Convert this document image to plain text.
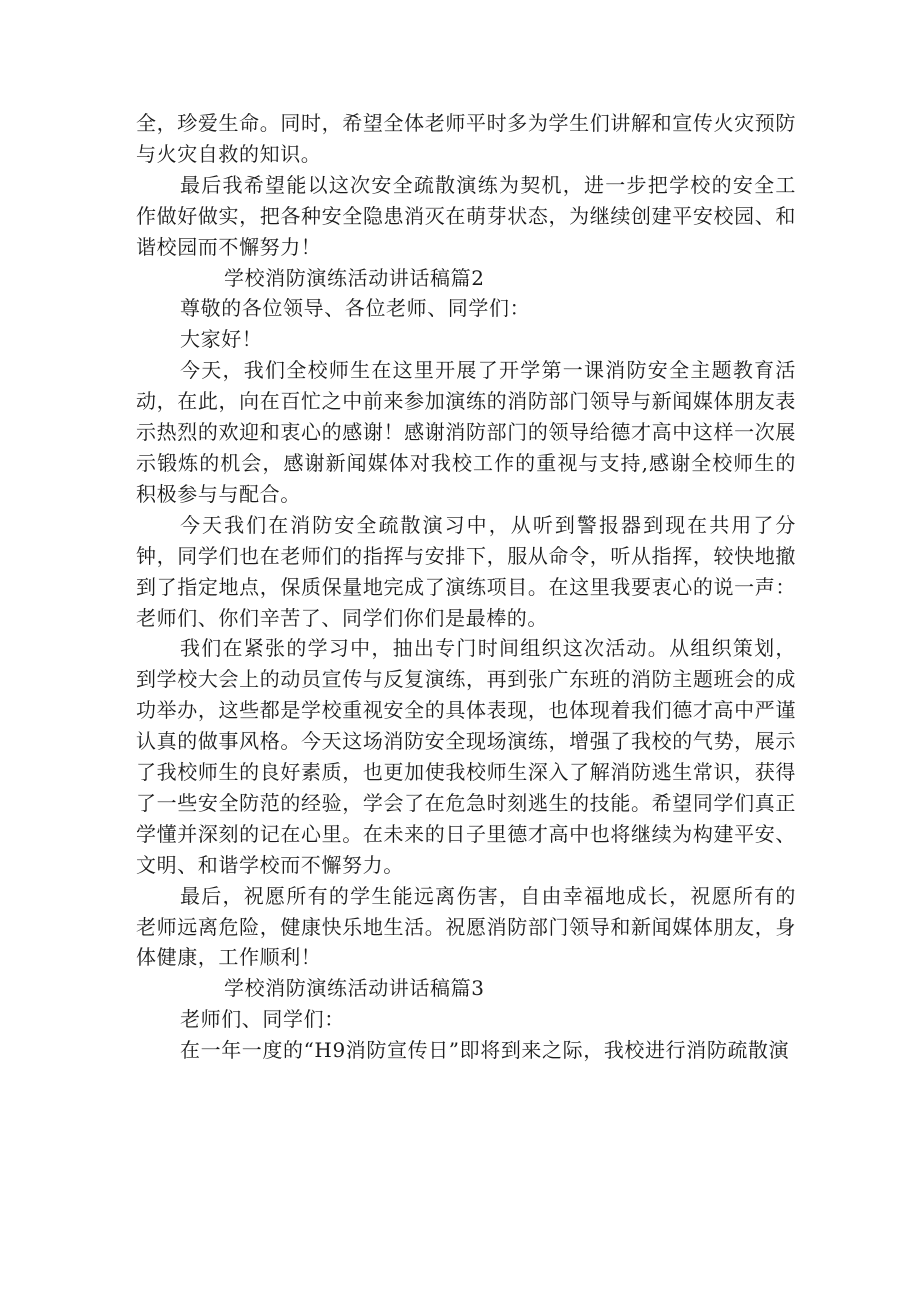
全，珍爱生命。同时，希望全体老师平时多为学生们讲解和宣传火灾预防与火灾自救的知识。

最后我希望能以这次安全疏散演练为契机，进一步把学校的安全工作做好做实，把各种安全隐患消灭在萌芽状态，为继续创建平安校园、和谐校园而不懈努力！

学校消防演练活动讲话稿篇2

尊敬的各位领导、各位老师、同学们：

大家好！

今天，我们全校师生在这里开展了开学第一课消防安全主题教育活动，在此，向在百忙之中前来参加演练的消防部门领导与新闻媒体朋友表示热烈的欢迎和衷心的感谢！感谢消防部门的领导给德才高中这样一次展示锻炼的机会，感谢新闻媒体对我校工作的重视与支持,感谢全校师生的积极参与与配合。

今天我们在消防安全疏散演习中，从听到警报器到现在共用了分钟，同学们也在老师们的指挥与安排下，服从命令，听从指挥，较快地撤到了指定地点，保质保量地完成了演练项目。在这里我要衷心的说一声：老师们、你们辛苦了、同学们你们是最棒的。

我们在紧张的学习中，抽出专门时间组织这次活动。从组织策划，到学校大会上的动员宣传与反复演练，再到张广东班的消防主题班会的成功举办，这些都是学校重视安全的具体表现，也体现着我们德才高中严谨认真的做事风格。今天这场消防安全现场演练，增强了我校的气势，展示了我校师生的良好素质，也更加使我校师生深入了解消防逃生常识，获得了一些安全防范的经验，学会了在危急时刻逃生的技能。希望同学们真正学懂并深刻的记在心里。在未来的日子里德才高中也将继续为构建平安、文明、和谐学校而不懈努力。

最后，祝愿所有的学生能远离伤害，自由幸福地成长，祝愿所有的老师远离危险，健康快乐地生活。祝愿消防部门领导和新闻媒体朋友，身体健康，工作顺利！

学校消防演练活动讲话稿篇3

老师们、同学们：

在一年一度的“H9消防宣传日”即将到来之际，我校进行消防疏散演
